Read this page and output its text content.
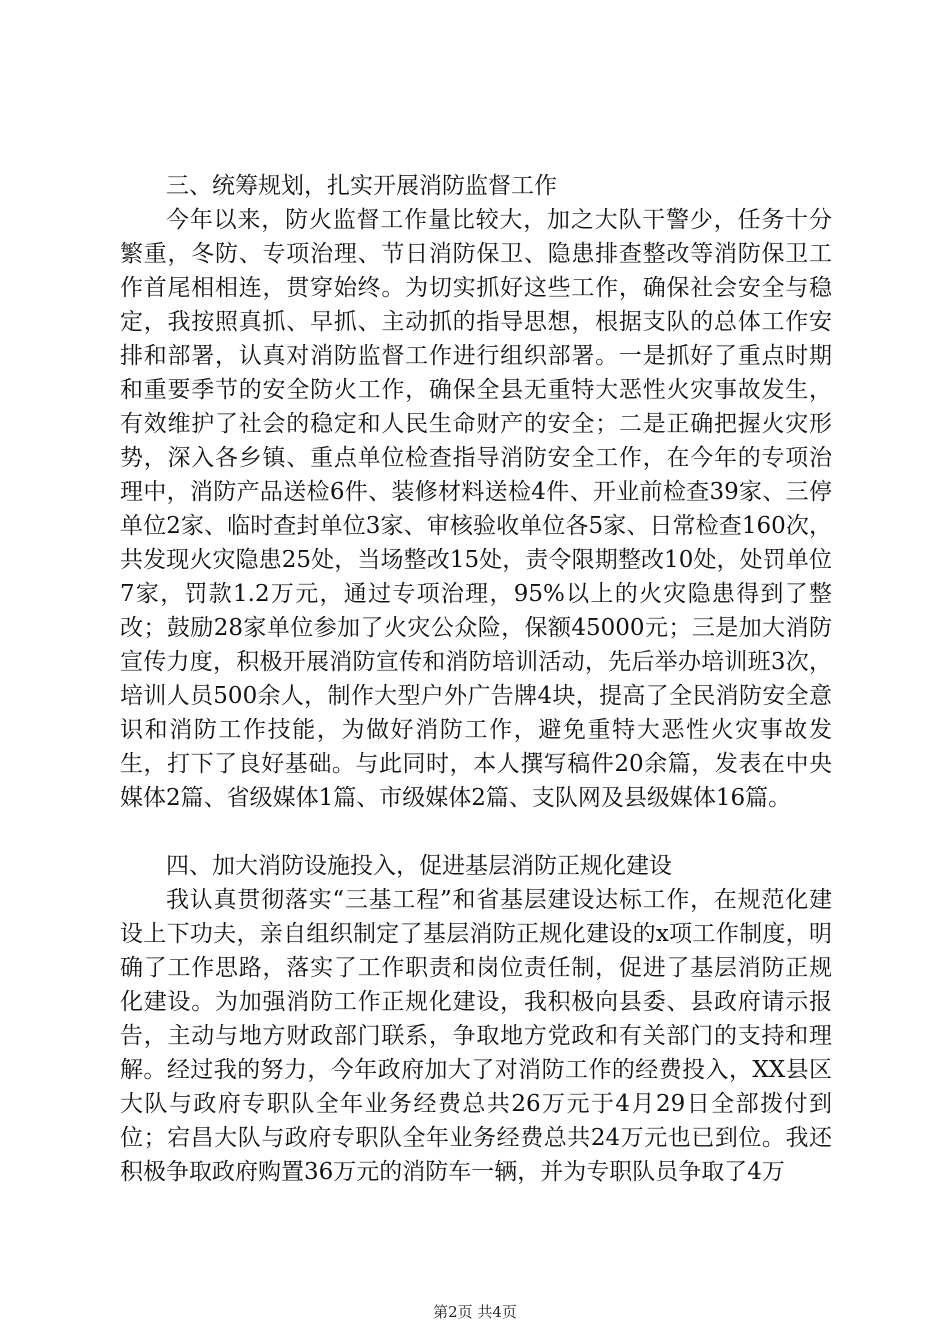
三、统筹规划，扎实开展消防监督工作

今年以来，防火监督工作量比较大，加之大队干警少，任务十分繁重，冬防、专项治理、节日消防保卫、隐患排查整改等消防保卫工作首尾相相连，贯穿始终。为切实抓好这些工作，确保社会安全与稳定，我按照真抓、早抓、主动抓的指导思想，根据支队的总体工作安排和部署，认真对消防监督工作进行组织部署。一是抓好了重点时期和重要季节的安全防火工作，确保全县无重特大恶性火灾事故发生，有效维护了社会的稳定和人民生命财产的安全；二是正确把握火灾形势，深入各乡镇、重点单位检查指导消防安全工作，在今年的专项治理中，消防产品送检6件、装修材料送检4件、开业前检查39家、三停单位2家、临时查封单位3家、审核验收单位各5家、日常检查160次，共发现火灾隐患25处，当场整改15处，责令限期整改10处，处罚单位7家，罚款1.2万元，通过专项治理，95%以上的火灾隐患得到了整改；鼓励28家单位参加了火灾公众险，保额45000元；三是加大消防宣传力度，积极开展消防宣传和消防培训活动，先后举办培训班3次，培训人员500余人，制作大型户外广告牌4块，提高了全民消防安全意识和消防工作技能，为做好消防工作，避免重特大恶性火灾事故发生，打下了良好基础。与此同时，本人撰写稿件20余篇，发表在中央媒体2篇、省级媒体1篇、市级媒体2篇、支队网及县级媒体16篇。

四、加大消防设施投入，促进基层消防正规化建设

我认真贯彻落实“三基工程”和省基层建设达标工作，在规范化建设上下功夫，亲自组织制定了基层消防正规化建设的x项工作制度，明确了工作思路，落实了工作职责和岗位责任制，促进了基层消防正规化建设。为加强消防工作正规化建设，我积极向县委、县政府请示报告，主动与地方财政部门联系，争取地方党政和有关部门的支持和理解。经过我的努力，今年政府加大了对消防工作的经费投入，XX县区大队与政府专职队全年业务经费总共26万元于4月29日全部拨付到位；宕昌大队与政府专职队全年业务经费总共24万元也已到位。我还积极争取政府购置36万元的消防车一辆，并为专职队员争取了4万

第2页 共4页
